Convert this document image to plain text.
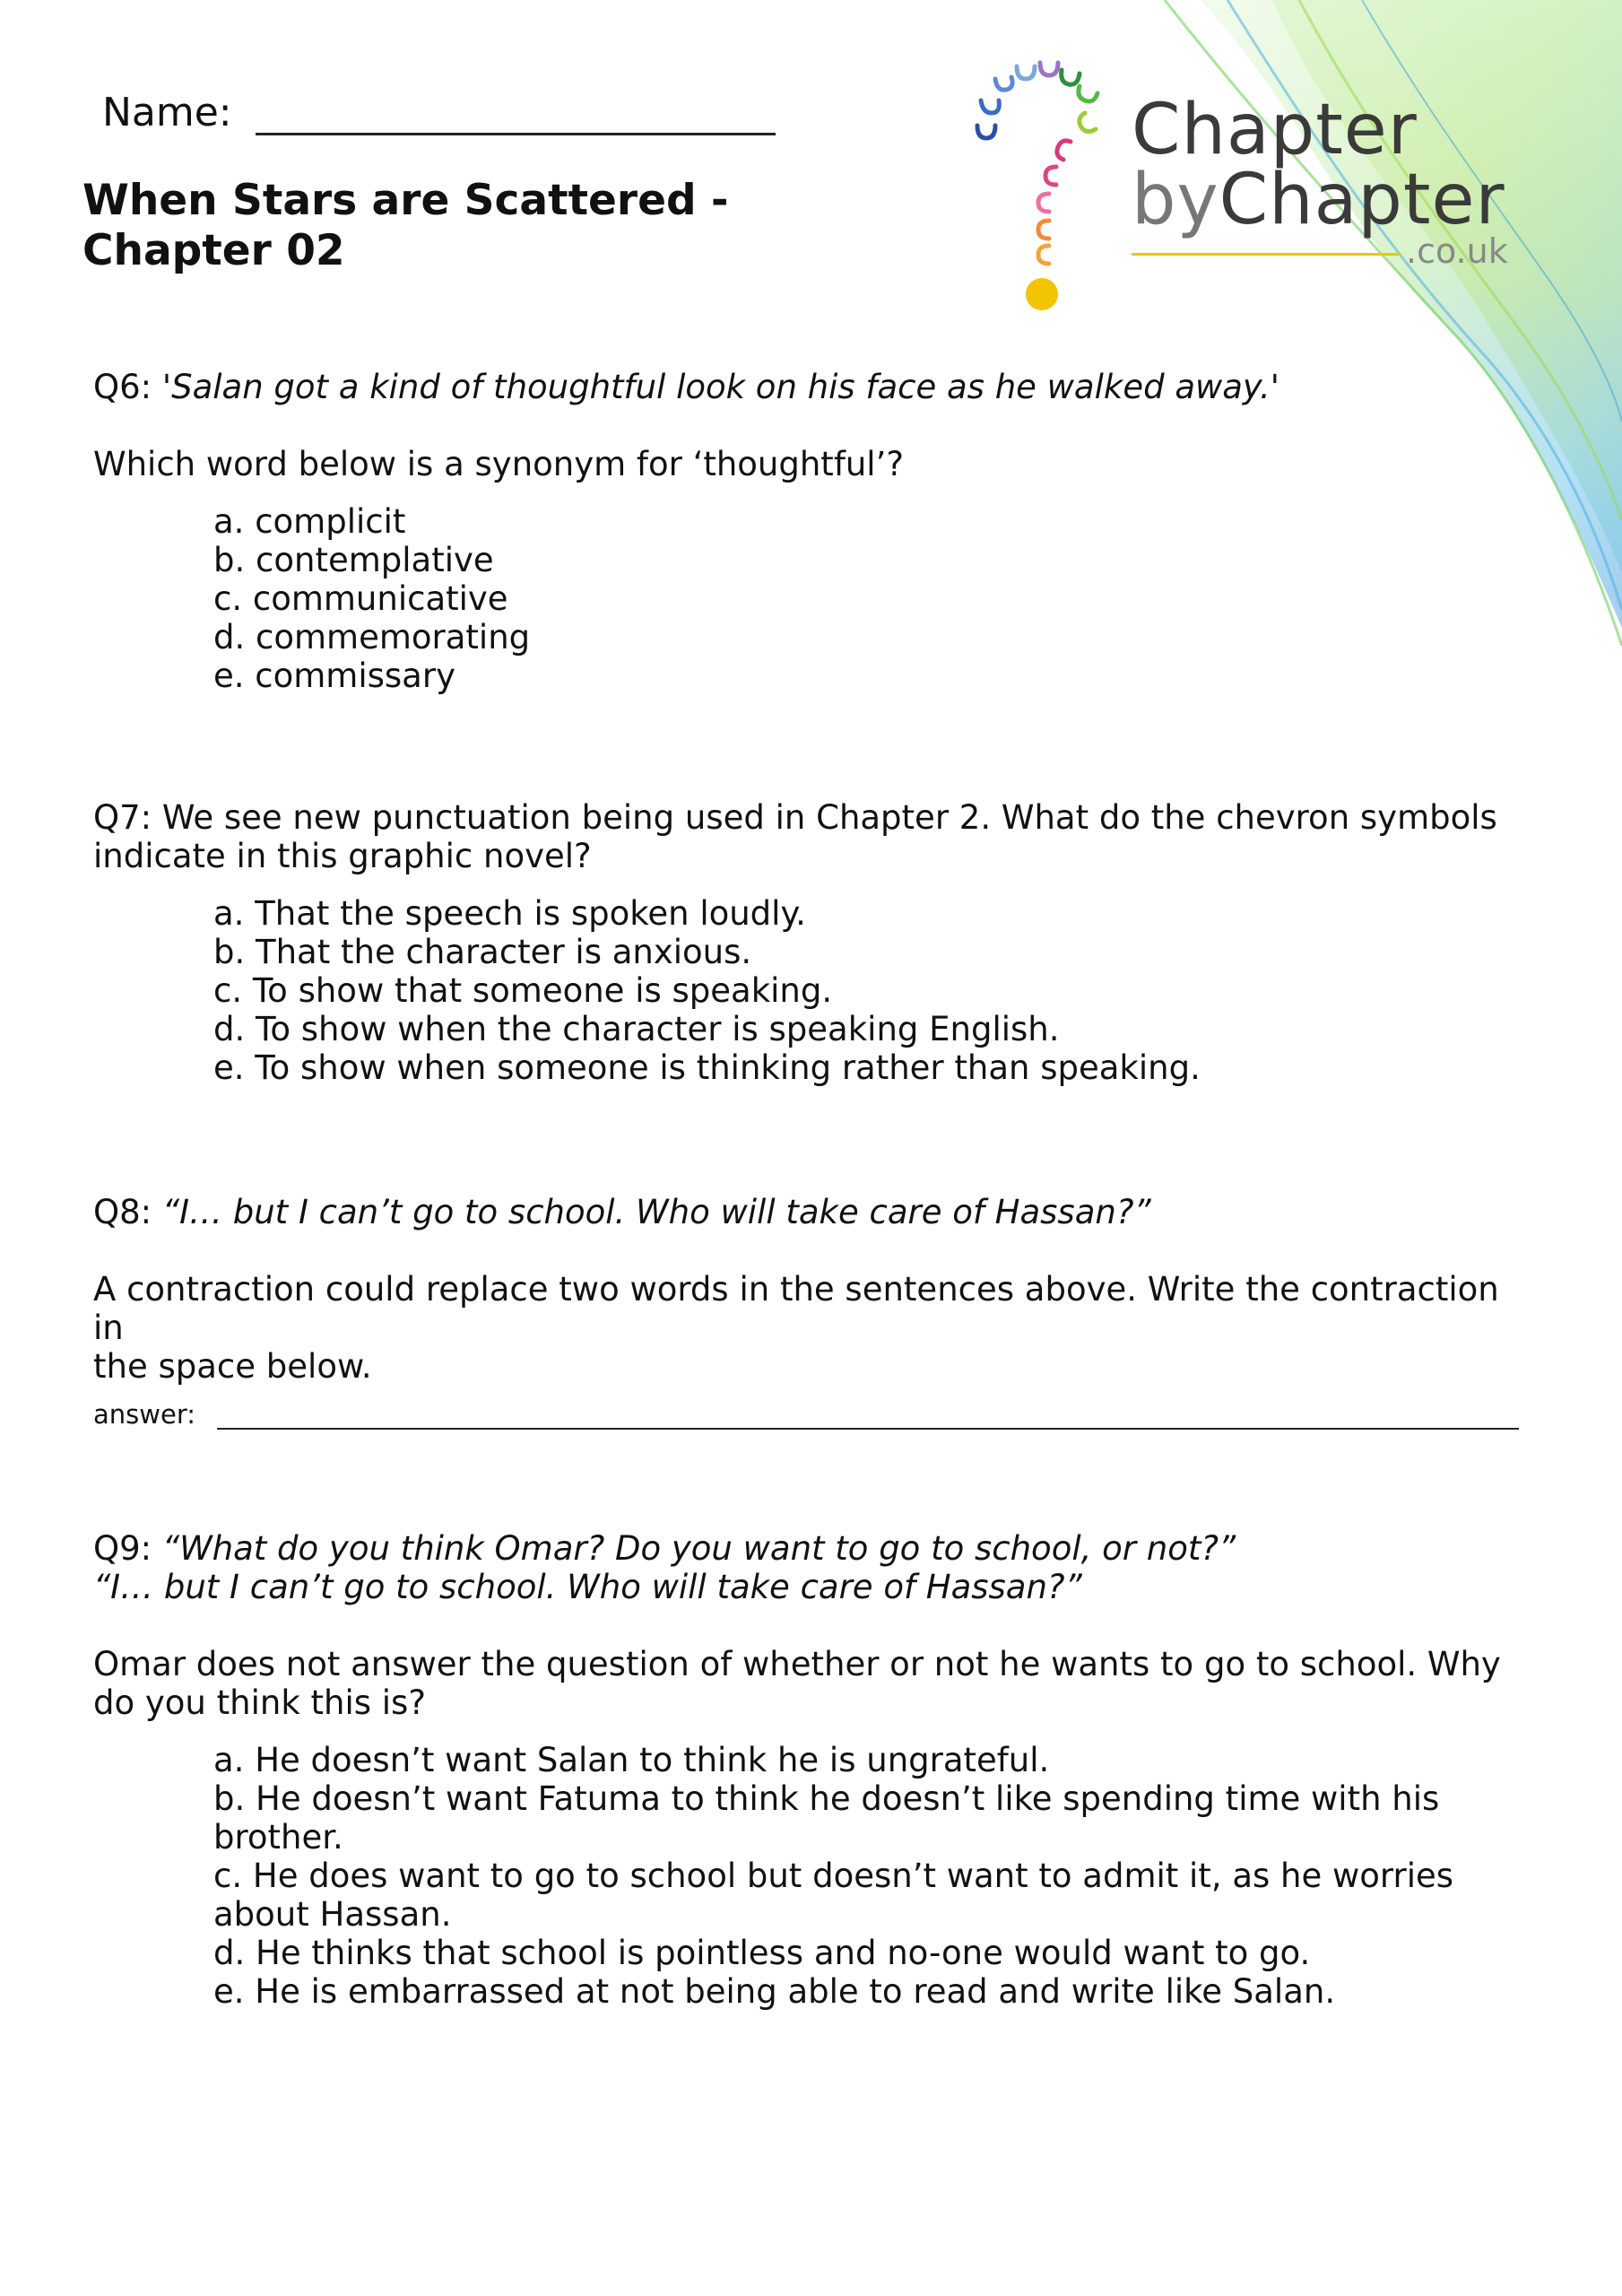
Name:
When Stars are Scattered -
Chapter 02
Chapter
byChapter
.co.uk
Q6: 'Salan got a kind of thoughtful look on his face as he walked away.'
Which word below is a synonym for ‘thoughtful’?
a. complicit
b. contemplative
c. communicative
d. commemorating
e. commissary
Q7: We see new punctuation being used in Chapter 2. What do the chevron symbols
indicate in this graphic novel?
a. That the speech is spoken loudly.
b. That the character is anxious.
c. To show that someone is speaking.
d. To show when the character is speaking English.
e. To show when someone is thinking rather than speaking.
Q8: “I… but I can’t go to school. Who will take care of Hassan?”
A contraction could replace two words in the sentences above. Write the contraction in
the space below.
answer:
Q9: “What do you think Omar? Do you want to go to school, or not?”
“I… but I can’t go to school. Who will take care of Hassan?”
Omar does not answer the question of whether or not he wants to go to school. Why
do you think this is?
a. He doesn’t want Salan to think he is ungrateful.
b. He doesn’t want Fatuma to think he doesn’t like spending time with his
brother.
c. He does want to go to school but doesn’t want to admit it, as he worries
about Hassan.
d. He thinks that school is pointless and no-one would want to go.
e. He is embarrassed at not being able to read and write like Salan.
